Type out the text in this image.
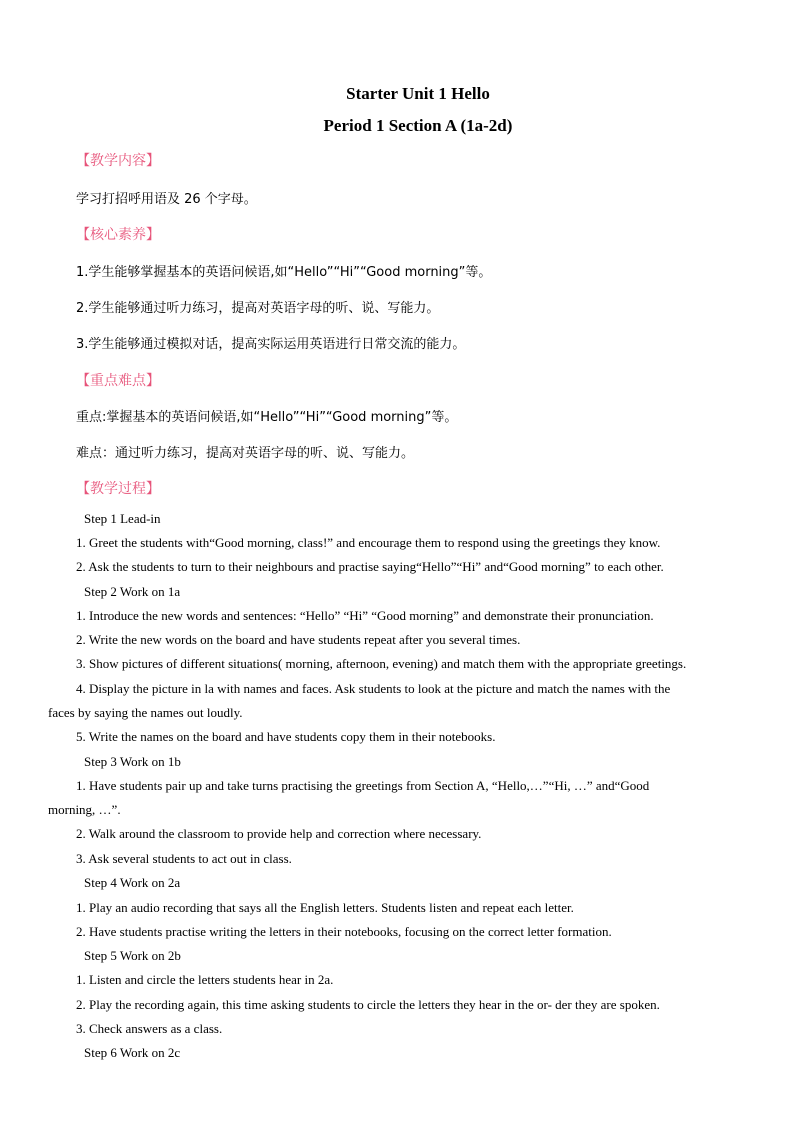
Starter Unit 1 Hello
Period 1 Section A (1a-2d)
【教学内容】
学习打招呼用语及 26 个字母。
【核心素养】
1.学生能够掌握基本的英语问候语,如“Hello”“Hi”“Good morning”等。
2.学生能够通过听力练习，提高对英语字母的听、说、写能力。
3.学生能够通过模拟对话，提高实际运用英语进行日常交流的能力。
【重点难点】
重点:掌握基本的英语问候语,如“Hello”“Hi”“Good morning”等。
难点：通过听力练习，提高对英语字母的听、说、写能力。
【教学过程】
Step 1 Lead-in
1. Greet the students with“Good morning, class!” and encourage them to respond using the greetings they know.
2. Ask the students to turn to their neighbours and practise saying“Hello”“Hi” and“Good morning” to each other.
Step 2 Work on 1a
1. Introduce the new words and sentences: “Hello” “Hi” “Good morning” and demonstrate their pronunciation.
2. Write the new words on the board and have students repeat after you several times.
3. Show pictures of different situations( morning, afternoon, evening) and match them with the appropriate greetings.
4. Display the picture in la with names and faces. Ask students to look at the picture and match the names with the
faces by saying the names out loudly.
5. Write the names on the board and have students copy them in their notebooks.
Step 3 Work on 1b
1. Have students pair up and take turns practising the greetings from Section A, “Hello,…”“Hi, …” and“Good
morning, …”.
2. Walk around the classroom to provide help and correction where necessary.
3. Ask several students to act out in class.
Step 4 Work on 2a
1. Play an audio recording that says all the English letters. Students listen and repeat each letter.
2. Have students practise writing the letters in their notebooks, focusing on the correct letter formation.
Step 5 Work on 2b
1. Listen and circle the letters students hear in 2a.
2. Play the recording again, this time asking students to circle the letters they hear in the or- der they are spoken.
3. Check answers as a class.
Step 6 Work on 2c
